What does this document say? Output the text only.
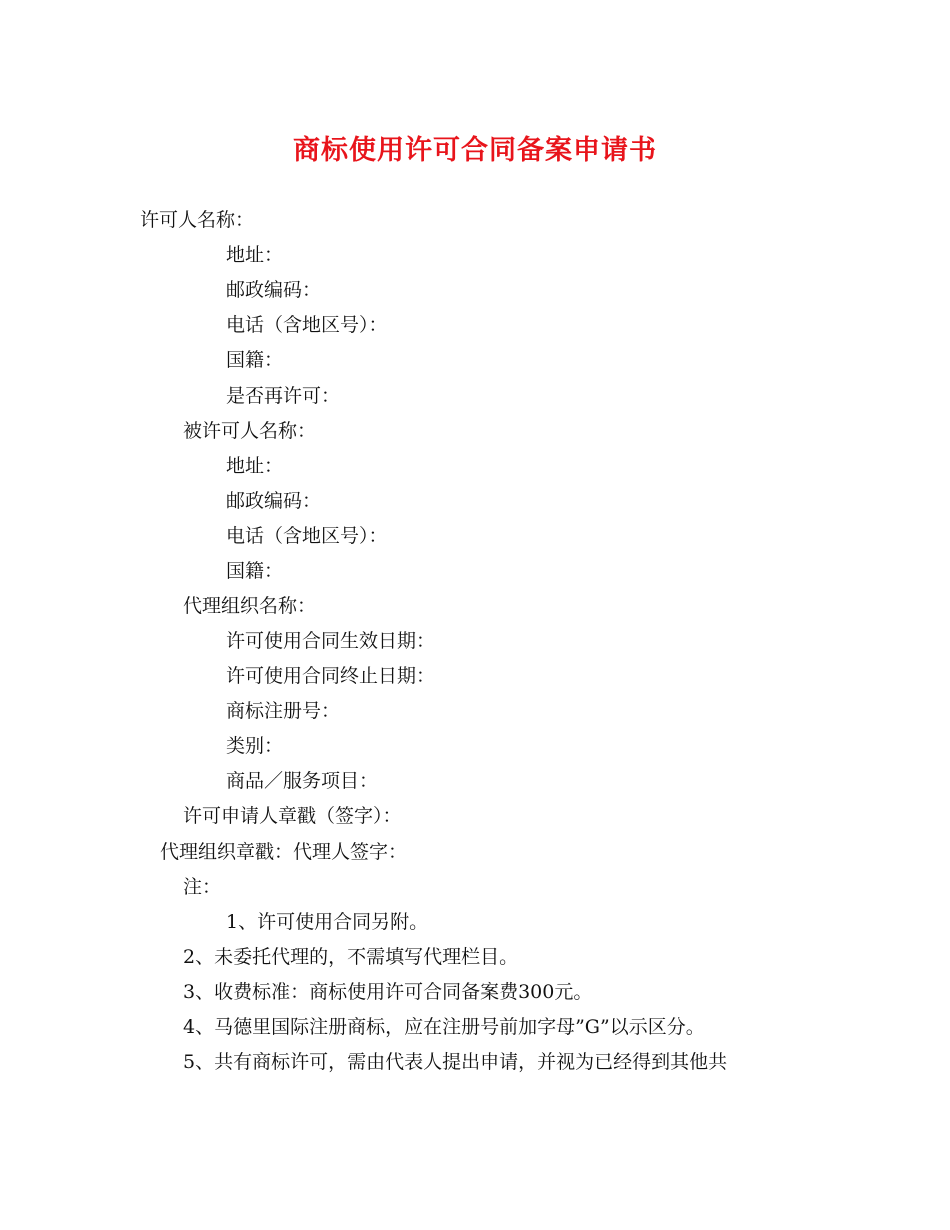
商标使用许可合同备案申请书
许可人名称：
地址：
邮政编码：
电话（含地区号）：
国籍：
是否再许可：
被许可人名称：
地址：
邮政编码：
电话（含地区号）：
国籍：
代理组织名称：
许可使用合同生效日期：
许可使用合同终止日期：
商标注册号：
类别：
商品／服务项目：
许可申请人章戳（签字）：
代理组织章戳：代理人签字：
注：
1、许可使用合同另附。
2、未委托代理的，不需填写代理栏目。
3、收费标准：商标使用许可合同备案费300元。
4、马德里国际注册商标，应在注册号前加字母”G”以示区分。
5、共有商标许可，需由代表人提出申请，并视为已经得到其他共
